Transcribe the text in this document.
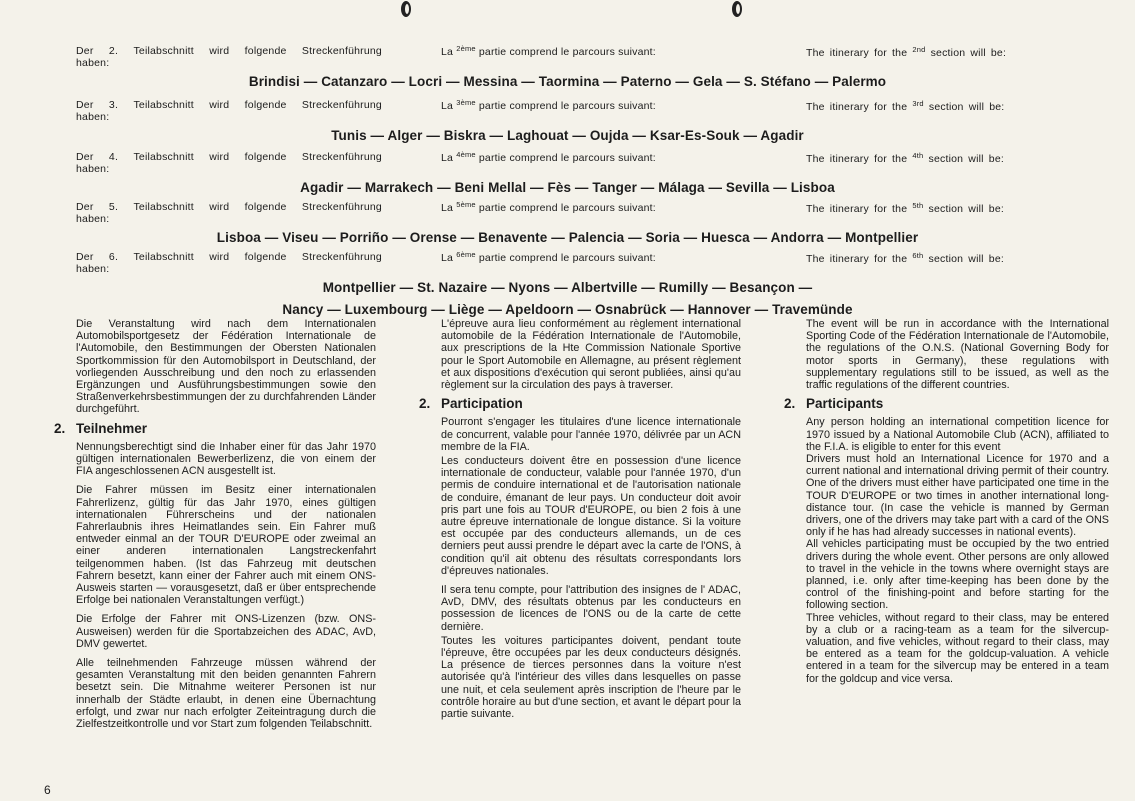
Der 2. Teilabschnitt wird folgende Streckenführung
haben:
La $^{2ème}$ partie comprend le parcours suivant:	The itinerary for the $^{2nd}$ section will be:
Brindisi — Catanzaro — Locri — Messina — Taormina — Paterno — Gela — S. Stéfano — Palermo
Der 3. Teilabschnitt wird folgende Streckenführung
haben:
La $^{3ème}$ partie comprend le parcours suivant:	The itinerary for the $^{3rd}$ section will be:
Tunis — Alger — Biskra — Laghouat — Oujda — Ksar-Es-Souk — Agadir
Der 4. Teilabschnitt wird folgende Streckenführung
haben:
La $^{4ème}$ partie comprend le parcours suivant:	The itinerary for the $^{4th}$ section will be:
Agadir — Marrakech — Beni Mellal — Fès — Tanger — Málaga — Sevilla — Lisboa
Der 5. Teilabschnitt wird folgende Streckenführung
haben:
La $^{5ème}$ partie comprend le parcours suivant:	The itinerary for the $^{5th}$ section will be:
Lisboa — Viseu — Porriño — Orense — Benavente — Palencia — Soria — Huesca — Andorra — Montpellier
Der 6. Teilabschnitt wird folgende Streckenführung
haben:
La $^{6ème}$ partie comprend le parcours suivant:	The itinerary for the $^{6th}$ section will be:
Montpellier — St. Nazaire — Nyons — Albertville — Rumilly — Besançon —
Nancy — Luxembourg — Liège — Apeldoorn — Osnabrück — Hannover — Travemünde

Die Veranstaltung wird nach dem Internationalen Automobilsportgesetz der Fédération Internationale de l'Automobile, den Bestimmungen der Obersten Nationalen Sportkommission für den Automobilsport in Deutschland, der vorliegenden Ausschreibung und den noch zu erlassenden Ergänzungen und Ausführungsbestimmungen sowie den Straßenverkehrsbestimmungen der zu durchfahrenden Länder durchgeführt.

2. Teilnehmer

Nennungsberechtigt sind die Inhaber einer für das Jahr 1970 gültigen internationalen Bewerberlizenz, die von einem der FIA angeschlossenen ACN ausgestellt ist.

Die Fahrer müssen im Besitz einer internationalen Fahrerlizenz, gültig für das Jahr 1970, eines gültigen internationalen Führerscheins und der nationalen Fahrerlaubnis ihres Heimatlandes sein. Ein Fahrer muß entweder einmal an der TOUR D'EUROPE oder zweimal an einer anderen internationalen Langstreckenfahrt teilgenommen haben. (Ist das Fahrzeug mit deutschen Fahrern besetzt, kann einer der Fahrer auch mit einem ONS-Ausweis starten — vorausgesetzt, daß er über entsprechende Erfolge bei nationalen Veranstaltungen verfügt.)

Die Erfolge der Fahrer mit ONS-Lizenzen (bzw. ONS-Ausweisen) werden für die Sportabzeichen des ADAC, AvD, DMV gewertet.

Alle teilnehmenden Fahrzeuge müssen während der gesamten Veranstaltung mit den beiden genannten Fahrern besetzt sein. Die Mitnahme weiterer Personen ist nur innerhalb der Städte erlaubt, in denen eine Übernachtung erfolgt, und zwar nur nach erfolgter Zeiteintragung durch die Zielfestzeitkontrolle und vor Start zum folgenden Teilabschnitt.

L'épreuve aura lieu conformément au règlement international automobile de la Fédération Internationale de l'Automobile, aux prescriptions de la Hte Commission Nationale Sportive pour le Sport Automobile en Allemagne, au présent règlement et aux dispositions d'exécution qui seront publiées, ainsi qu'au règlement sur la circulation des pays à traverser.

2. Participation

Pourront s'engager les titulaires d'une licence internationale de concurrent, valable pour l'année 1970, délivrée par un ACN membre de la FIA.

Les conducteurs doivent être en possession d'une licence internationale de conducteur, valable pour l'année 1970, d'un permis de conduire international et de l'autorisation nationale de conduire, émanant de leur pays. Un conducteur doit avoir pris part une fois au TOUR d'EUROPE, ou bien 2 fois à une autre épreuve internationale de longue distance. Si la voiture est occupée par des conducteurs allemands, un de ces derniers peut aussi prendre le départ avec la carte de l'ONS, à condition qu'il ait obtenu des résultats correspondants lors d'épreuves nationales.

Il sera tenu compte, pour l'attribution des insignes de l' ADAC, AvD, DMV, des résultats obtenus par les conducteurs en possession de licences de l'ONS ou de la carte de cette dernière.

Toutes les voitures participantes doivent, pendant toute l'épreuve, être occupées par les deux conducteurs désignés. La présence de tierces personnes dans la voiture n'est autorisée qu'à l'intérieur des villes dans lesquelles on passe une nuit, et cela seulement après inscription de l'heure par le contrôle horaire au but d'une section, et avant le départ pour la partie suivante.

The event will be run in accordance with the International Sporting Code of the Fédération Internationale de l'Automobile, the regulations of the O.N.S. (National Governing Body for motor sports in Germany), these regulations with supplementary regulations still to be issued, as well as the traffic regulations of the different countries.

2. Participants

Any person holding an international competition licence for 1970 issued by a National Automobile Club (ACN), affiliated to the F.I.A. is eligible to enter for this event

Drivers must hold an International Licence for 1970 and a current national and international driving permit of their country. One of the drivers must either have participated one time in the TOUR D'EUROPE or two times in another international long-distance tour. (In case the vehicle is manned by German drivers, one of the drivers may take part with a card of the ONS only if he has had already successes in national events).

All vehicles participating must be occupied by the two entried drivers during the whole event. Other persons are only allowed to travel in the vehicle in the towns where overnight stays are planned, i.e. only after time-keeping has been done by the control of the finishing-point and before starting for the following section.

Three vehicles, without regard to their class, may be entered by a club or a racing-team as a team for the silvercup-valuation, and five vehicles, without regard to their class, may be entered as a team for the goldcup-valuation. A vehicle entered in a team for the silvercup may be entered in a team for the goldcup and vice versa.

6
